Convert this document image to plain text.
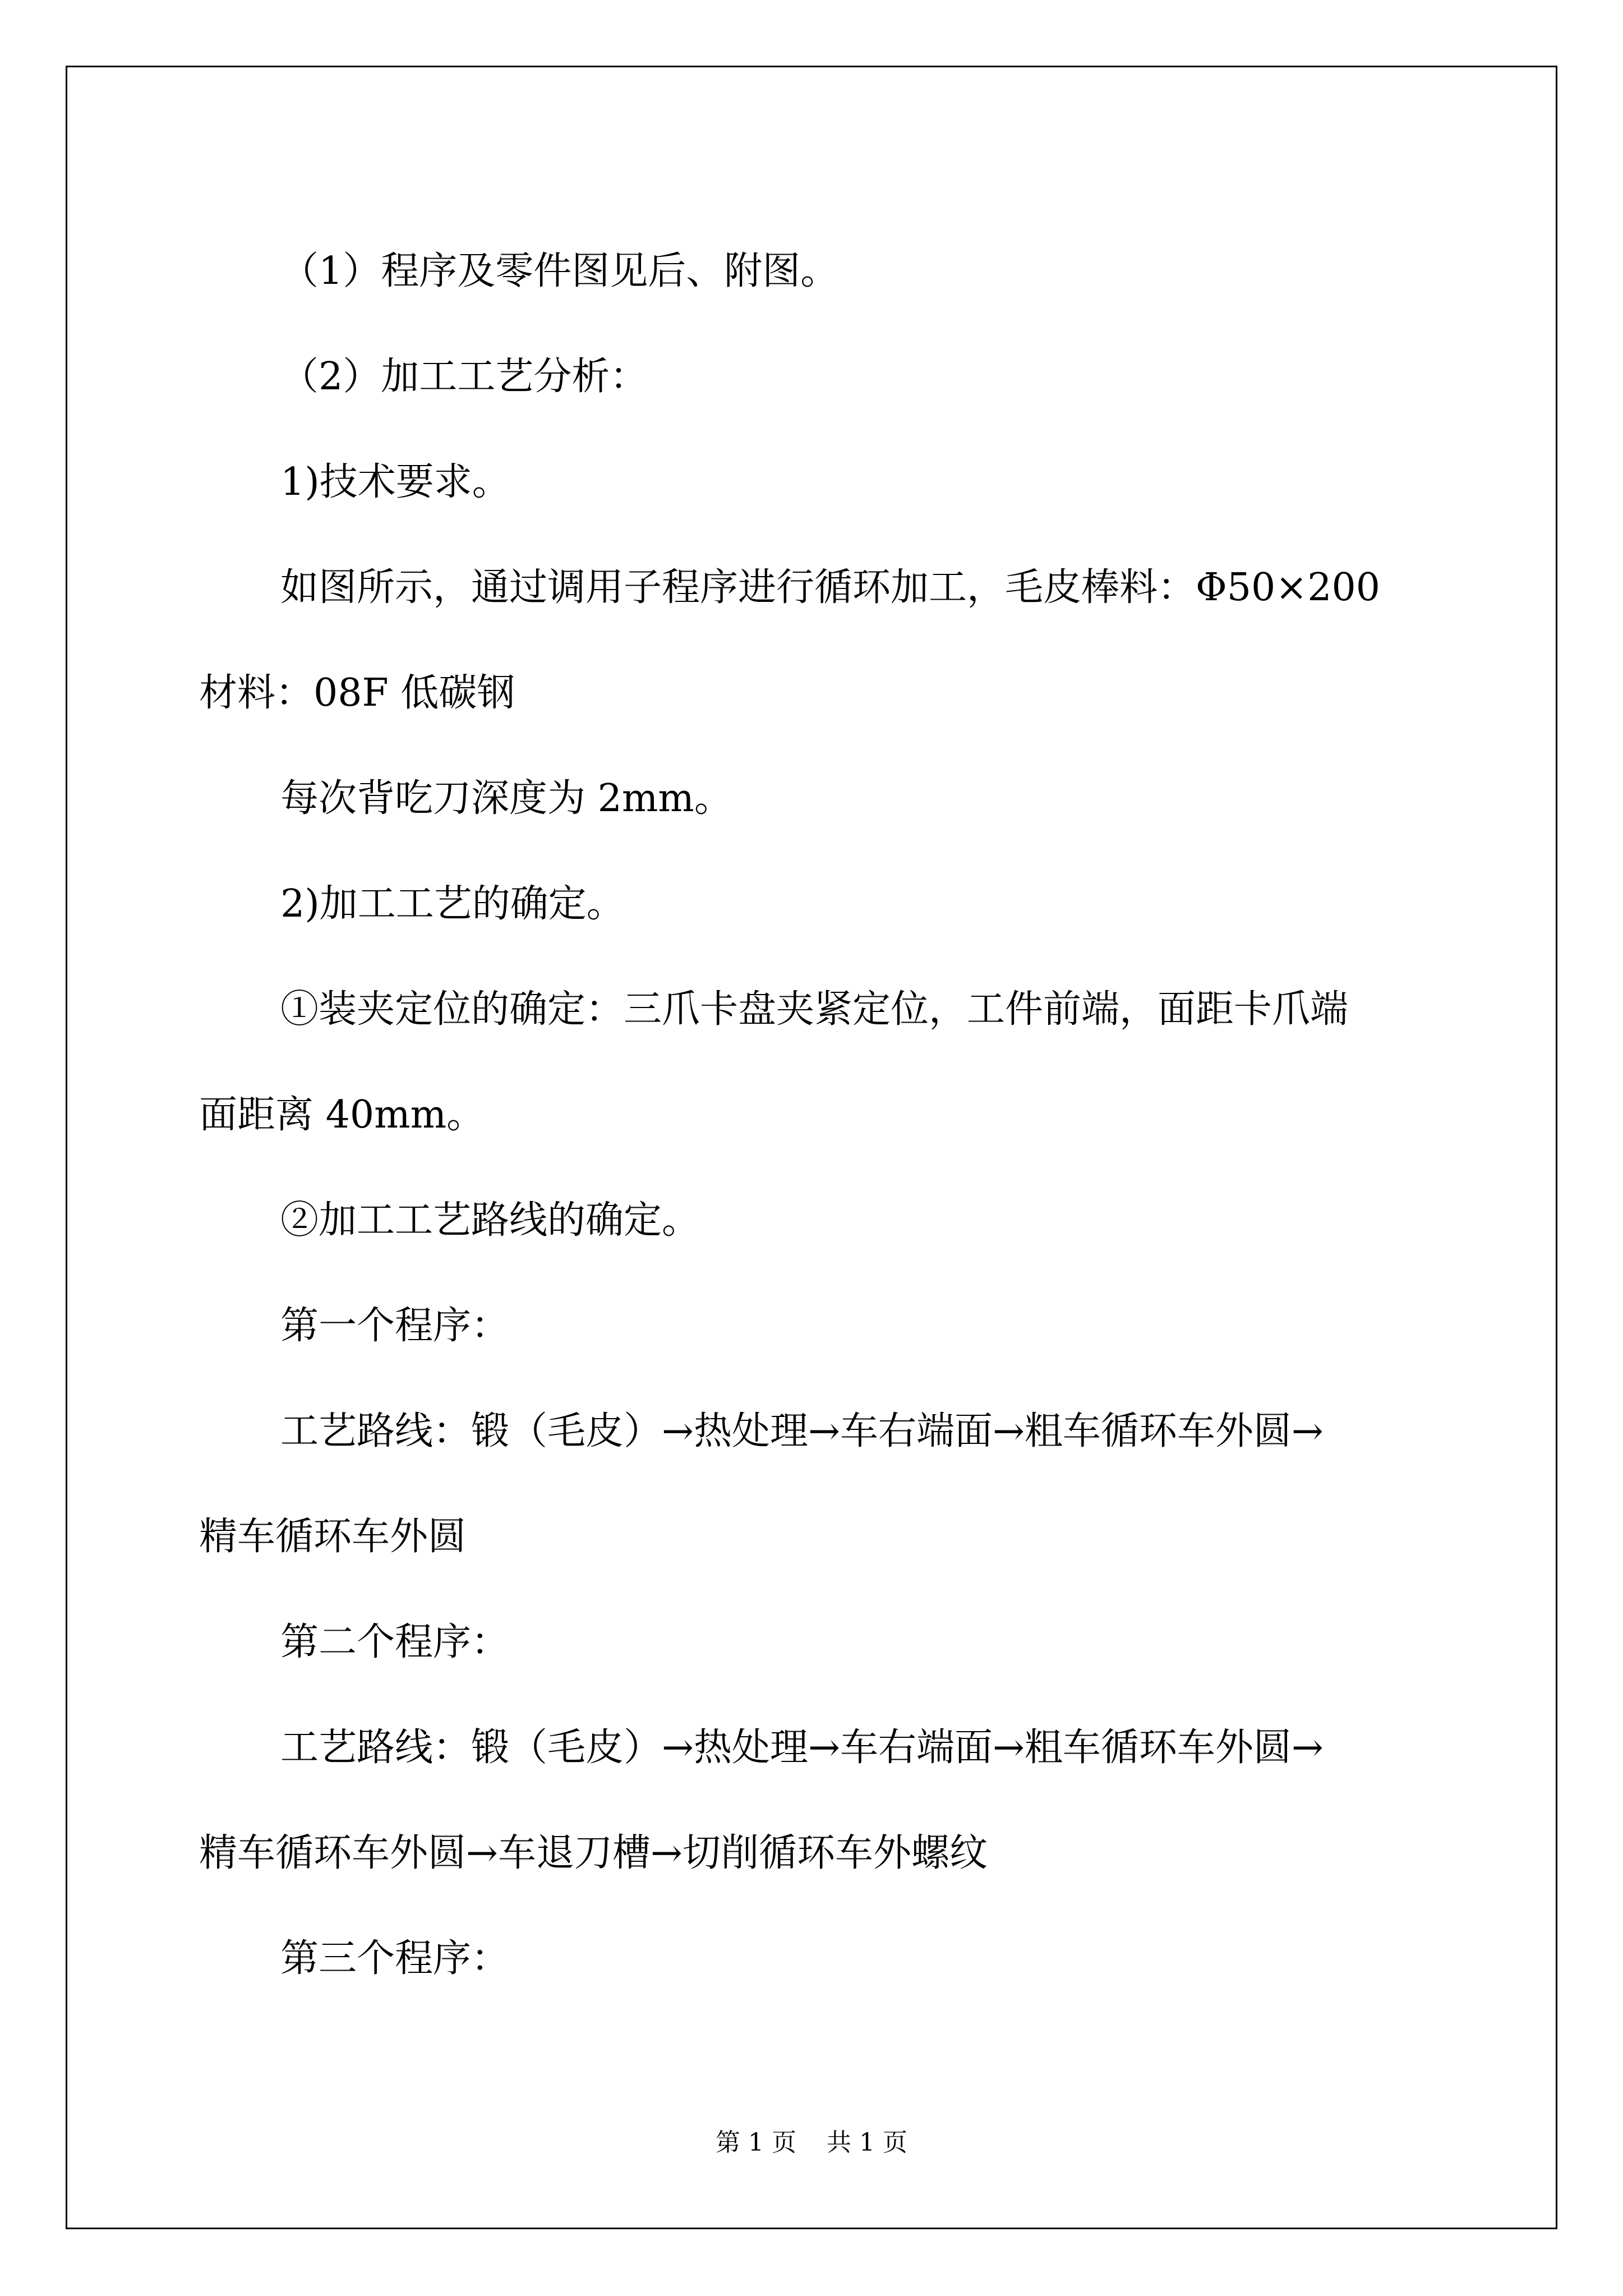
（1）程序及零件图见后、附图。

（2）加工工艺分析：

1)技术要求。

如图所示，通过调用子程序进行循环加工，毛皮棒料：Φ50×200
材料：08F 低碳钢

每次背吃刀深度为 2mm。

2)加工工艺的确定。

①装夹定位的确定：三爪卡盘夹紧定位，工件前端，面距卡爪端
面距离 40mm。

②加工工艺路线的确定。

第一个程序：

工艺路线：锻（毛皮）→热处理→车右端面→粗车循环车外圆→
精车循环车外圆

第二个程序：

工艺路线：锻（毛皮）→热处理→车右端面→粗车循环车外圆→
精车循环车外圆→车退刀槽→切削循环车外螺纹

第三个程序：

第 1 页 共 1 页
